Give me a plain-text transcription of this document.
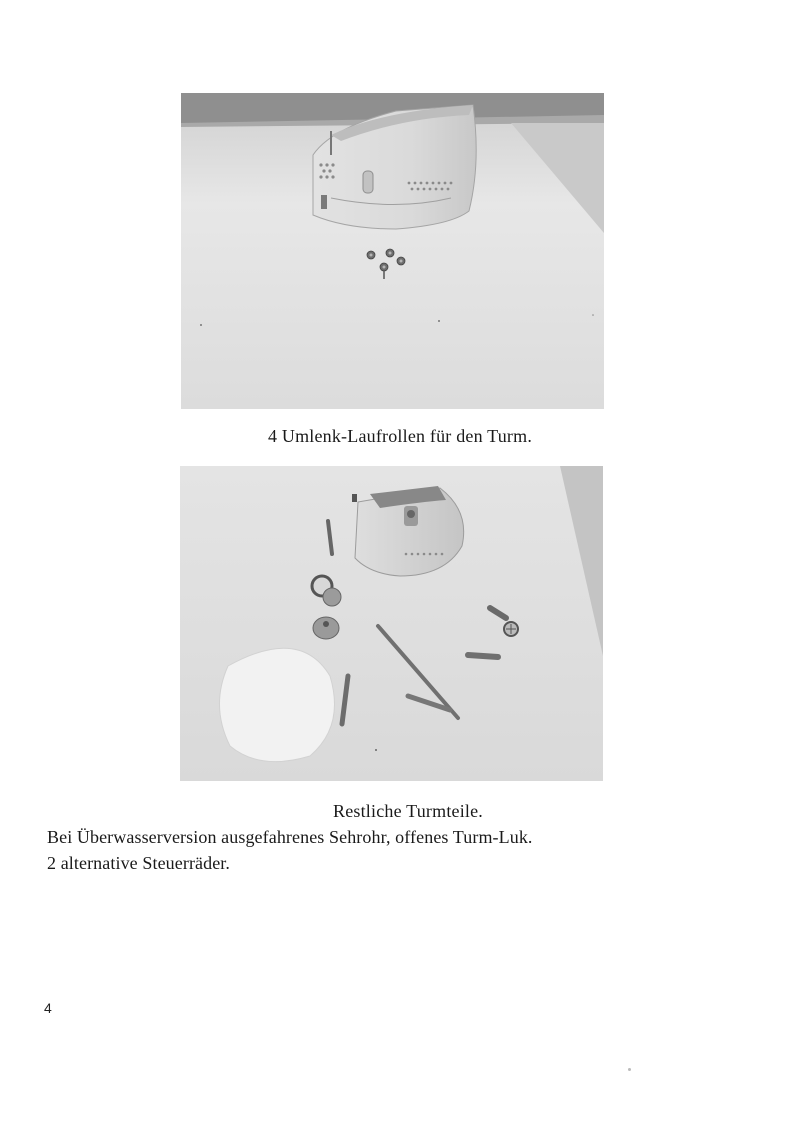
4 Umlenk-Laufrollen für den Turm.
Restliche Turmteile.
Bei Überwasserversion ausgefahrenes Sehrohr, offenes Turm-Luk.
2 alternative Steuerräder.
4
